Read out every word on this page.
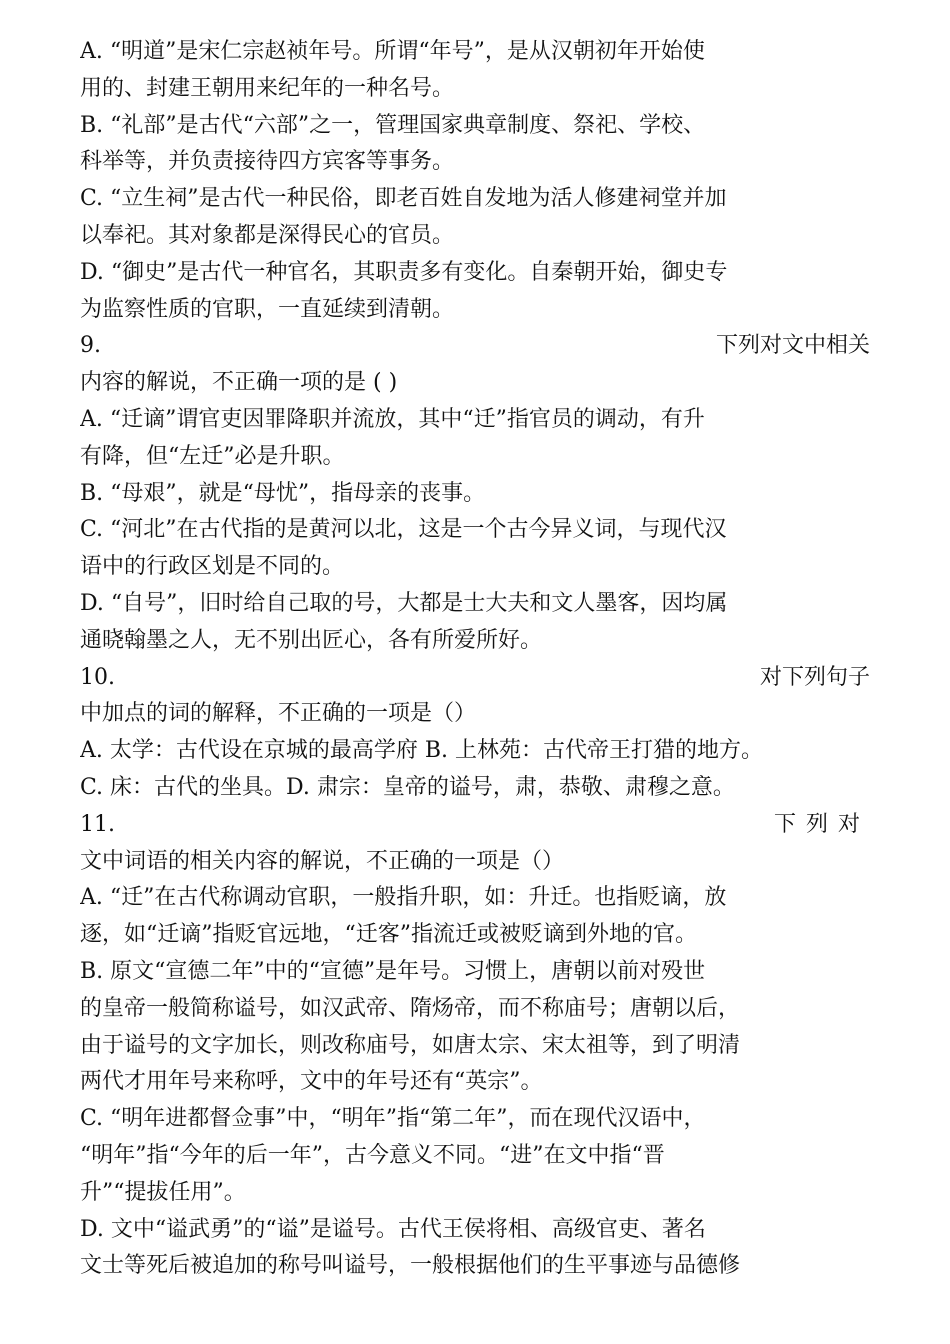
A. “明道”是宋仁宗赵祯年号。所谓“年号”，是从汉朝初年开始使
用的、封建王朝用来纪年的一种名号。
B. “礼部”是古代“六部”之一，管理国家典章制度、祭祀、学校、
科举等，并负责接待四方宾客等事务。
C. “立生祠”是古代一种民俗，即老百姓自发地为活人修建祠堂并加
以奉祀。其对象都是深得民心的官员。
D. “御史”是古代一种官名，其职责多有变化。自秦朝开始，御史专
为监察性质的官职，一直延续到清朝。
9.	下列对文中相关
内容的解说，不正确一项的是 ( )
A. “迁谪”谓官吏因罪降职并流放，其中“迁”指官员的调动，有升
有降，但“左迁”必是升职。
B. “母艰”，就是“母忧”，指母亲的丧事。
C. “河北”在古代指的是黄河以北，这是一个古今异义词，与现代汉
语中的行政区划是不同的。
D. “自号”，旧时给自己取的号，大都是士大夫和文人墨客，因均属
通晓翰墨之人，无不别出匠心，各有所爱所好。
10.	对下列句子
中加点的词的解释，不正确的一项是（）
A. 太学：古代设在京城的最高学府 B. 上林苑：古代帝王打猎的地方。
C. 床：古代的坐具。D. 肃宗：皇帝的谥号，肃，恭敬、肃穆之意。
11.	下列对
文中词语的相关内容的解说，不正确的一项是（）
A. “迁”在古代称调动官职，一般指升职，如：升迁。也指贬谪，放
逐，如“迁谪”指贬官远地，“迁客”指流迁或被贬谪到外地的官。
B. 原文“宣德二年”中的“宣德”是年号。习惯上，唐朝以前对殁世
的皇帝一般简称谥号，如汉武帝、隋炀帝，而不称庙号；唐朝以后，
由于谥号的文字加长，则改称庙号，如唐太宗、宋太祖等，到了明清
两代才用年号来称呼，文中的年号还有“英宗”。
C. “明年进都督佥事”中，“明年”指“第二年”，而在现代汉语中，
“明年”指“今年的后一年”，古今意义不同。“进”在文中指“晋
升”“提拔任用”。
D. 文中“谥武勇”的“谥”是谥号。古代王侯将相、高级官吏、著名
文士等死后被追加的称号叫谥号，一般根据他们的生平事迹与品德修
